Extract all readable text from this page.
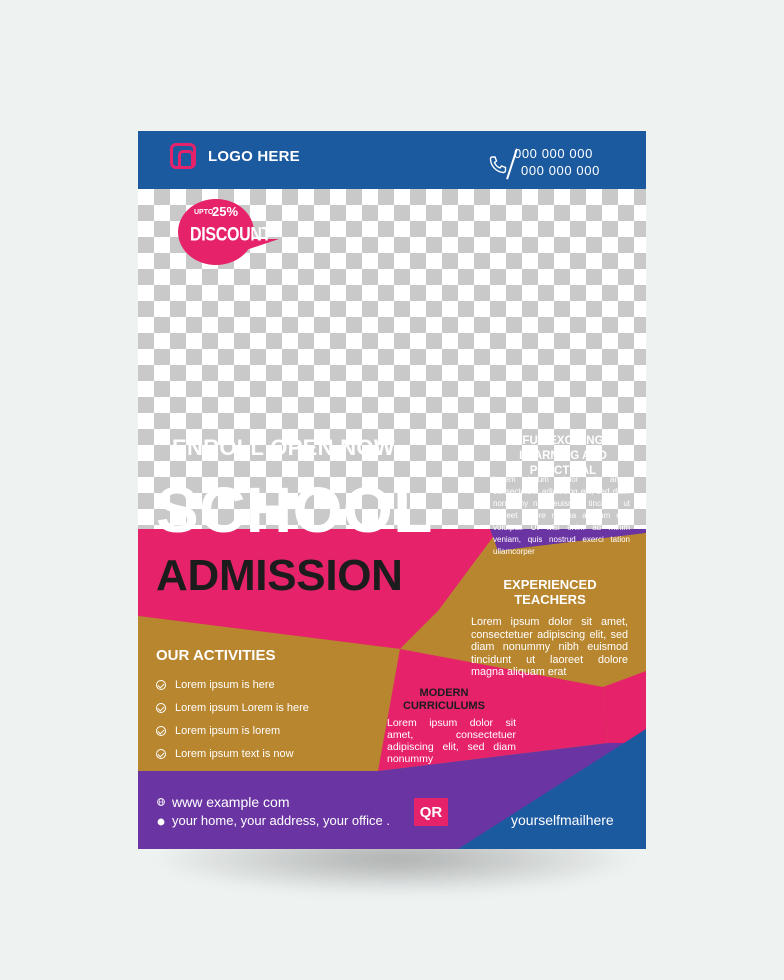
LOGO HERE	000 000 000
000 000 000
UPTO
25%
DISCOUNT
ENROLL OPEN NOW
SCHOOL
ADMISSION
FUN EXCITING LEARNING AND PRACTICAL
Lorem ipsum dolor sit amet, consectetuer adipiscing elit, sed diam nonummy nibh euismod tincidunt ut laoreet dolore magna aliquam erat volutpat. Ut wisi enim ad minim veniam, quis nostrud exerci tation ullamcorper
EXPERIENCED TEACHERS
Lorem ipsum dolor sit amet, consectetuer adipiscing elit, sed diam nonummy nibh euismod tincidunt ut laoreet dolore magna aliquam erat
OUR ACTIVITIES
Lorem ipsum is here
Lorem ipsum Lorem is here
Lorem ipsum is lorem
Lorem ipsum text is now
MODERN CURRICULUMS
Lorem ipsum dolor sit amet, consectetuer adipiscing elit, sed diam nonummy
www example com
your home, your address, your office .	QR	yourselfmailhere
